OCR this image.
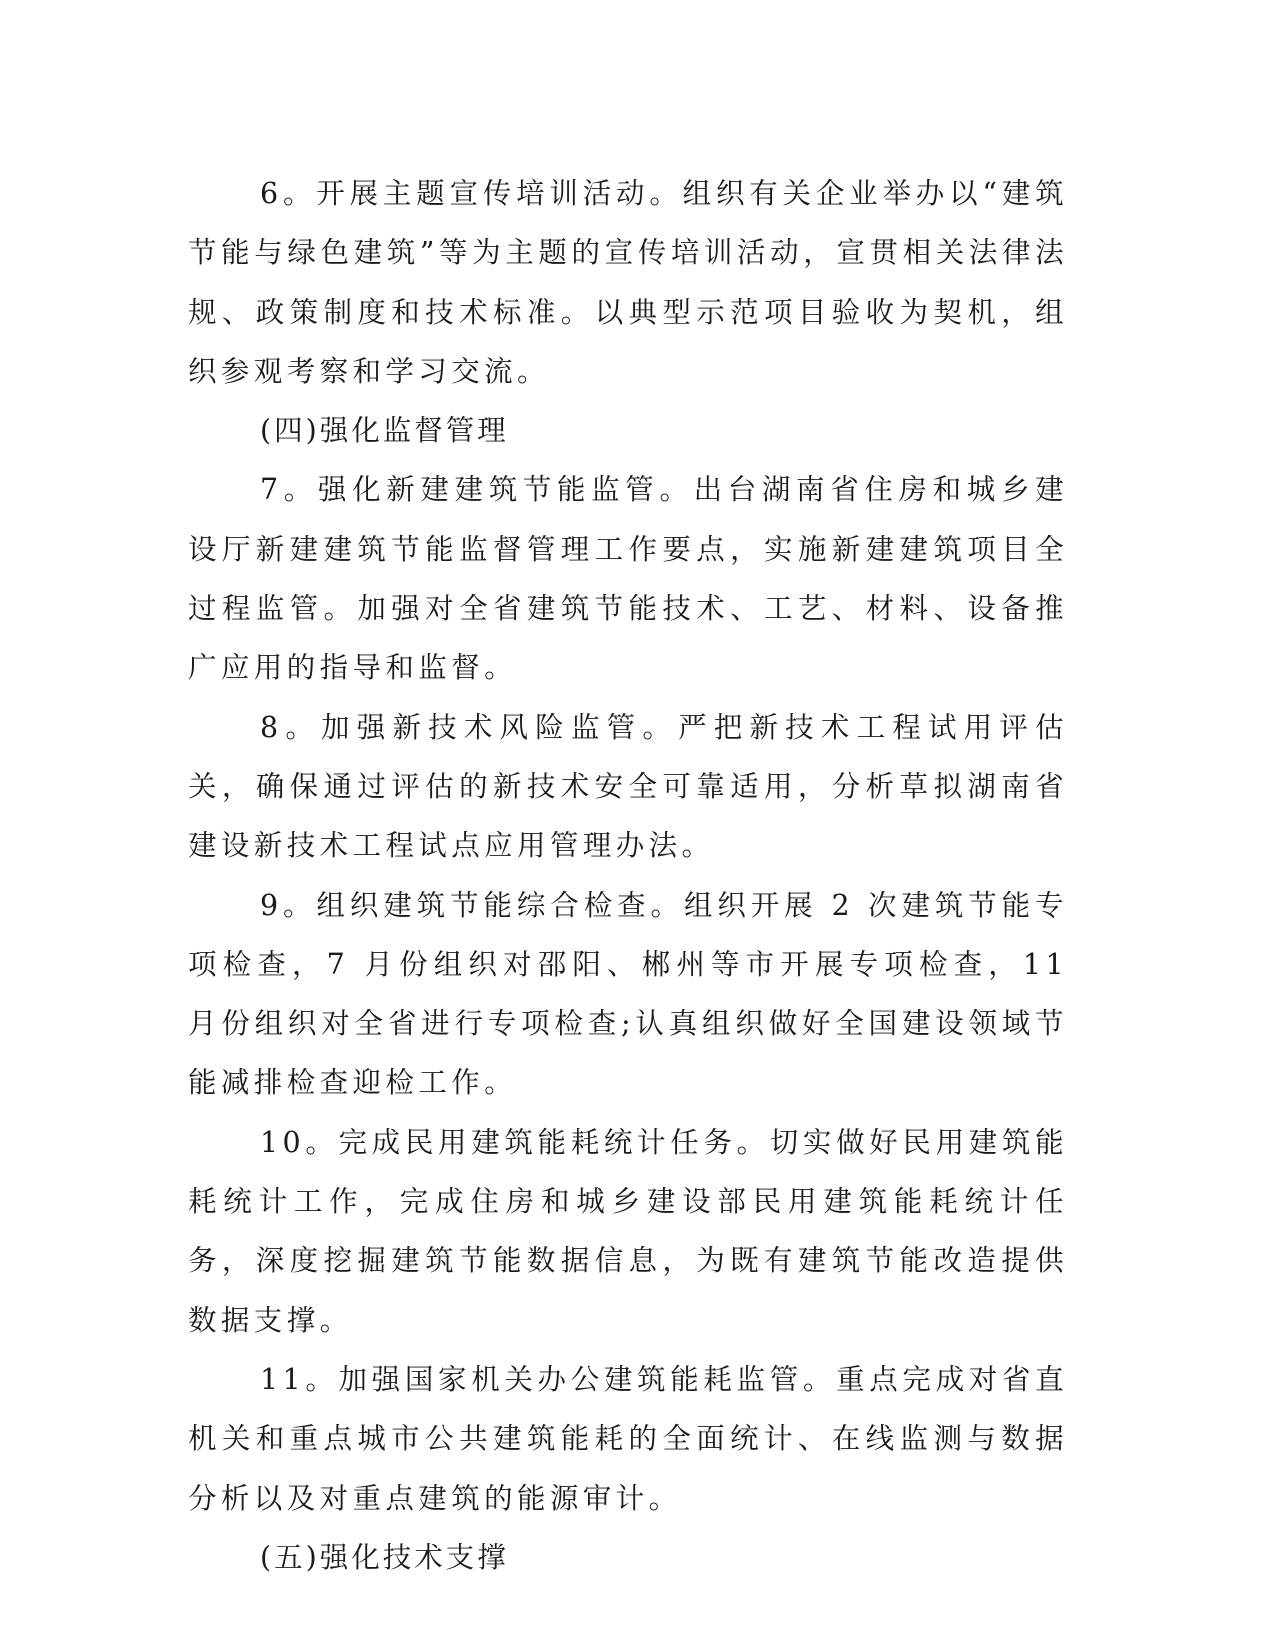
6。开展主题宣传培训活动。组织有关企业举办以“建筑节能与绿色建筑”等为主题的宣传培训活动，宣贯相关法律法规、政策制度和技术标准。以典型示范项目验收为契机，组织参观考察和学习交流。

(四)强化监督管理

7。强化新建建筑节能监管。出台湖南省住房和城乡建设厅新建建筑节能监督管理工作要点，实施新建建筑项目全过程监管。加强对全省建筑节能技术、工艺、材料、设备推广应用的指导和监督。

8。加强新技术风险监管。严把新技术工程试用评估关，确保通过评估的新技术安全可靠适用，分析草拟湖南省建设新技术工程试点应用管理办法。

9。组织建筑节能综合检查。组织开展 2 次建筑节能专项检查，7 月份组织对邵阳、郴州等市开展专项检查，11 月份组织对全省进行专项检查;认真组织做好全国建设领域节能减排检查迎检工作。

10。完成民用建筑能耗统计任务。切实做好民用建筑能耗统计工作，完成住房和城乡建设部民用建筑能耗统计任务，深度挖掘建筑节能数据信息，为既有建筑节能改造提供数据支撑。

11。加强国家机关办公建筑能耗监管。重点完成对省直机关和重点城市公共建筑能耗的全面统计、在线监测与数据分析以及对重点建筑的能源审计。

(五)强化技术支撑
